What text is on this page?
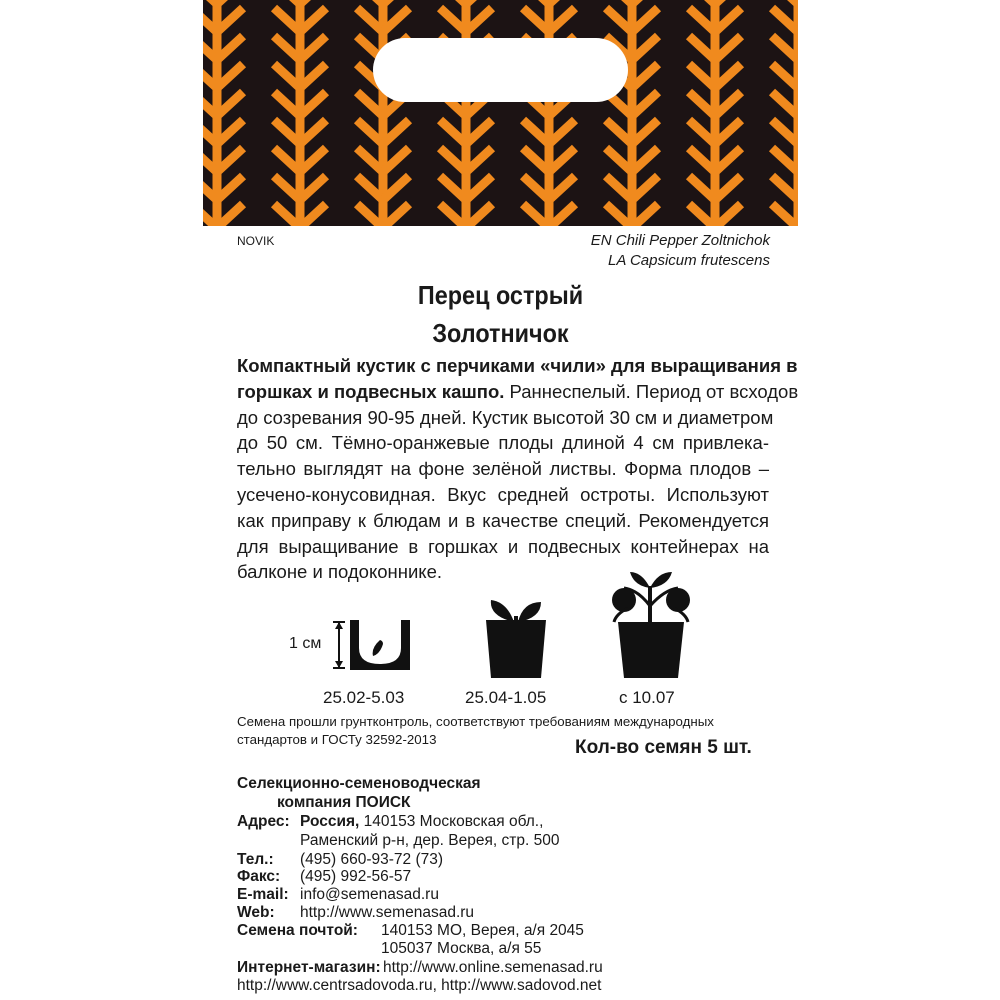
NOVIK	EN Chili Pepper Zoltnichok
LA Capsicum frutescens
Перец острый
Золотничок
Компактный кустик с перчиками «чили» для выращивания в
горшках и подвесных кашпо. Раннеспелый. Период от всходов
до созревания 90-95 дней. Кустик высотой 30 см и диаметром
до 50 см. Тёмно-оранжевые плоды длиной 4 см привлека-
тельно выглядят на фоне зелёной листвы. Форма плодов –
усечено-конусовидная. Вкус средней остроты. Используют
как приправу к блюдам и в качестве специй. Рекомендуется
для выращивание в горшках и подвесных контейнерах на
балконе и подоконнике.
1 см
25.02-5.03	25.04-1.05	с 10.07
Семена прошли грунтконтроль, соответствуют требованиям международных
стандартов и ГОСТу 32592-2013	Кол-во семян 5 шт.
Селекционно-семеноводческая
компания ПОИСК
Адрес: Россия, 140153 Московская обл.,
Раменский р-н, дер. Верея, стр. 500
Тел.: (495) 660-93-72 (73)
Факс: (495) 992-56-57
E-mail: info@semenasad.ru
Web: http://www.semenasad.ru
Семена почтой: 140153 МО, Верея, а/я 2045
105037 Москва, а/я 55
Интернет-магазин: http://www.online.semenasad.ru
http://www.centrsadovoda.ru, http://www.sadovod.net
